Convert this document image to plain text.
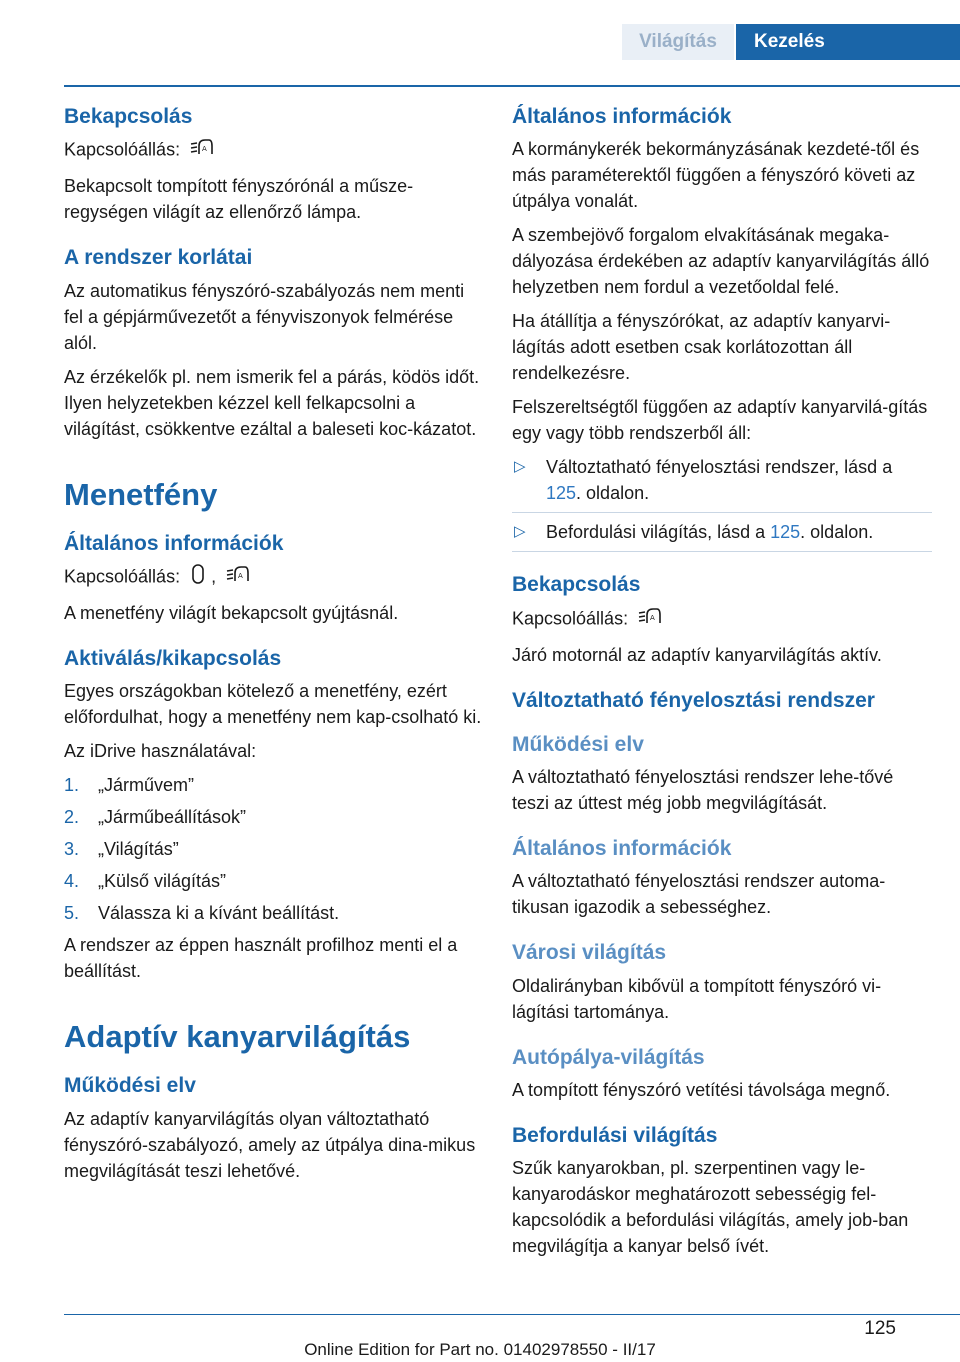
Világítás	Kezelés
Bekapcsolás

Kapcsolóállás:	A

Bekapcsolt tompított fényszórónál a műsze-regységen világít az ellenőrző lámpa.

A rendszer korlátai

Az automatikus fényszóró-szabályozás nem menti fel a gépjárművezetőt a fényviszonyok felmérése alól.

Az érzékelők pl. nem ismerik fel a párás, ködös időt. Ilyen helyzetekben kézzel kell felkapcsolni a világítást, csökkentve ezáltal a baleseti koc-kázatot.

Menetfény
Általános információk

Kapcsolóállás: ,	A

A menetfény világít bekapcsolt gyújtásnál.

Aktiválás/kikapcsolás

Egyes országokban kötelező a menetfény, ezért előfordulhat, hogy a menetfény nem kap-csolható ki.

Az iDrive használatával:

1. „Járművem”
2. „Járműbeállítások”
3. „Világítás”
4. „Külső világítás”
5. Válassza ki a kívánt beállítást.

A rendszer az éppen használt profilhoz menti el a beállítást.

Adaptív kanyarvilágítás
Működési elv

Az adaptív kanyarvilágítás olyan változtatható fényszóró-szabályozó, amely az útpálya dina-mikus megvilágítását teszi lehetővé.

Általános információk

A kormánykerék bekormányzásának kezdeté-től és más paraméterektől függően a fényszóró követi az útpálya vonalát.

A szembejövő forgalom elvakításának megaka-dályozása érdekében az adaptív kanyarvilágítás álló helyzetben nem fordul a vezetőoldal felé.

Ha átállítja a fényszórókat, az adaptív kanyarvi-lágítás adott esetben csak korlátozottan áll rendelkezésre.

Felszereltségtől függően az adaptív kanyarvilá-gítás egy vagy több rendszerből áll:

▷ Változtatható fényelosztási rendszer, lásd a 125. oldalon.
▷ Befordulási világítás, lásd a 125. oldalon.
Bekapcsolás

Kapcsolóállás:	A

Járó motornál az adaptív kanyarvilágítás aktív.

Változtatható fényelosztási rendszer
Működési elv

A változtatható fényelosztási rendszer lehe-tővé teszi az úttest még jobb megvilágítását.

Általános információk

A változtatható fényelosztási rendszer automa-tikusan igazodik a sebességhez.

Városi világítás

Oldalirányban kibővül a tompított fényszóró vi-lágítási tartománya.

Autópálya-világítás

A tompított fényszóró vetítési távolsága megnő.

Befordulási világítás

Szűk kanyarokban, pl. szerpentinen vagy le-kanyarodáskor meghatározott sebességig fel-kapcsolódik a befordulási világítás, amely job-ban megvilágítja a kanyar belső ívét.

125
Online Edition for Part no. 01402978550 - II/17
